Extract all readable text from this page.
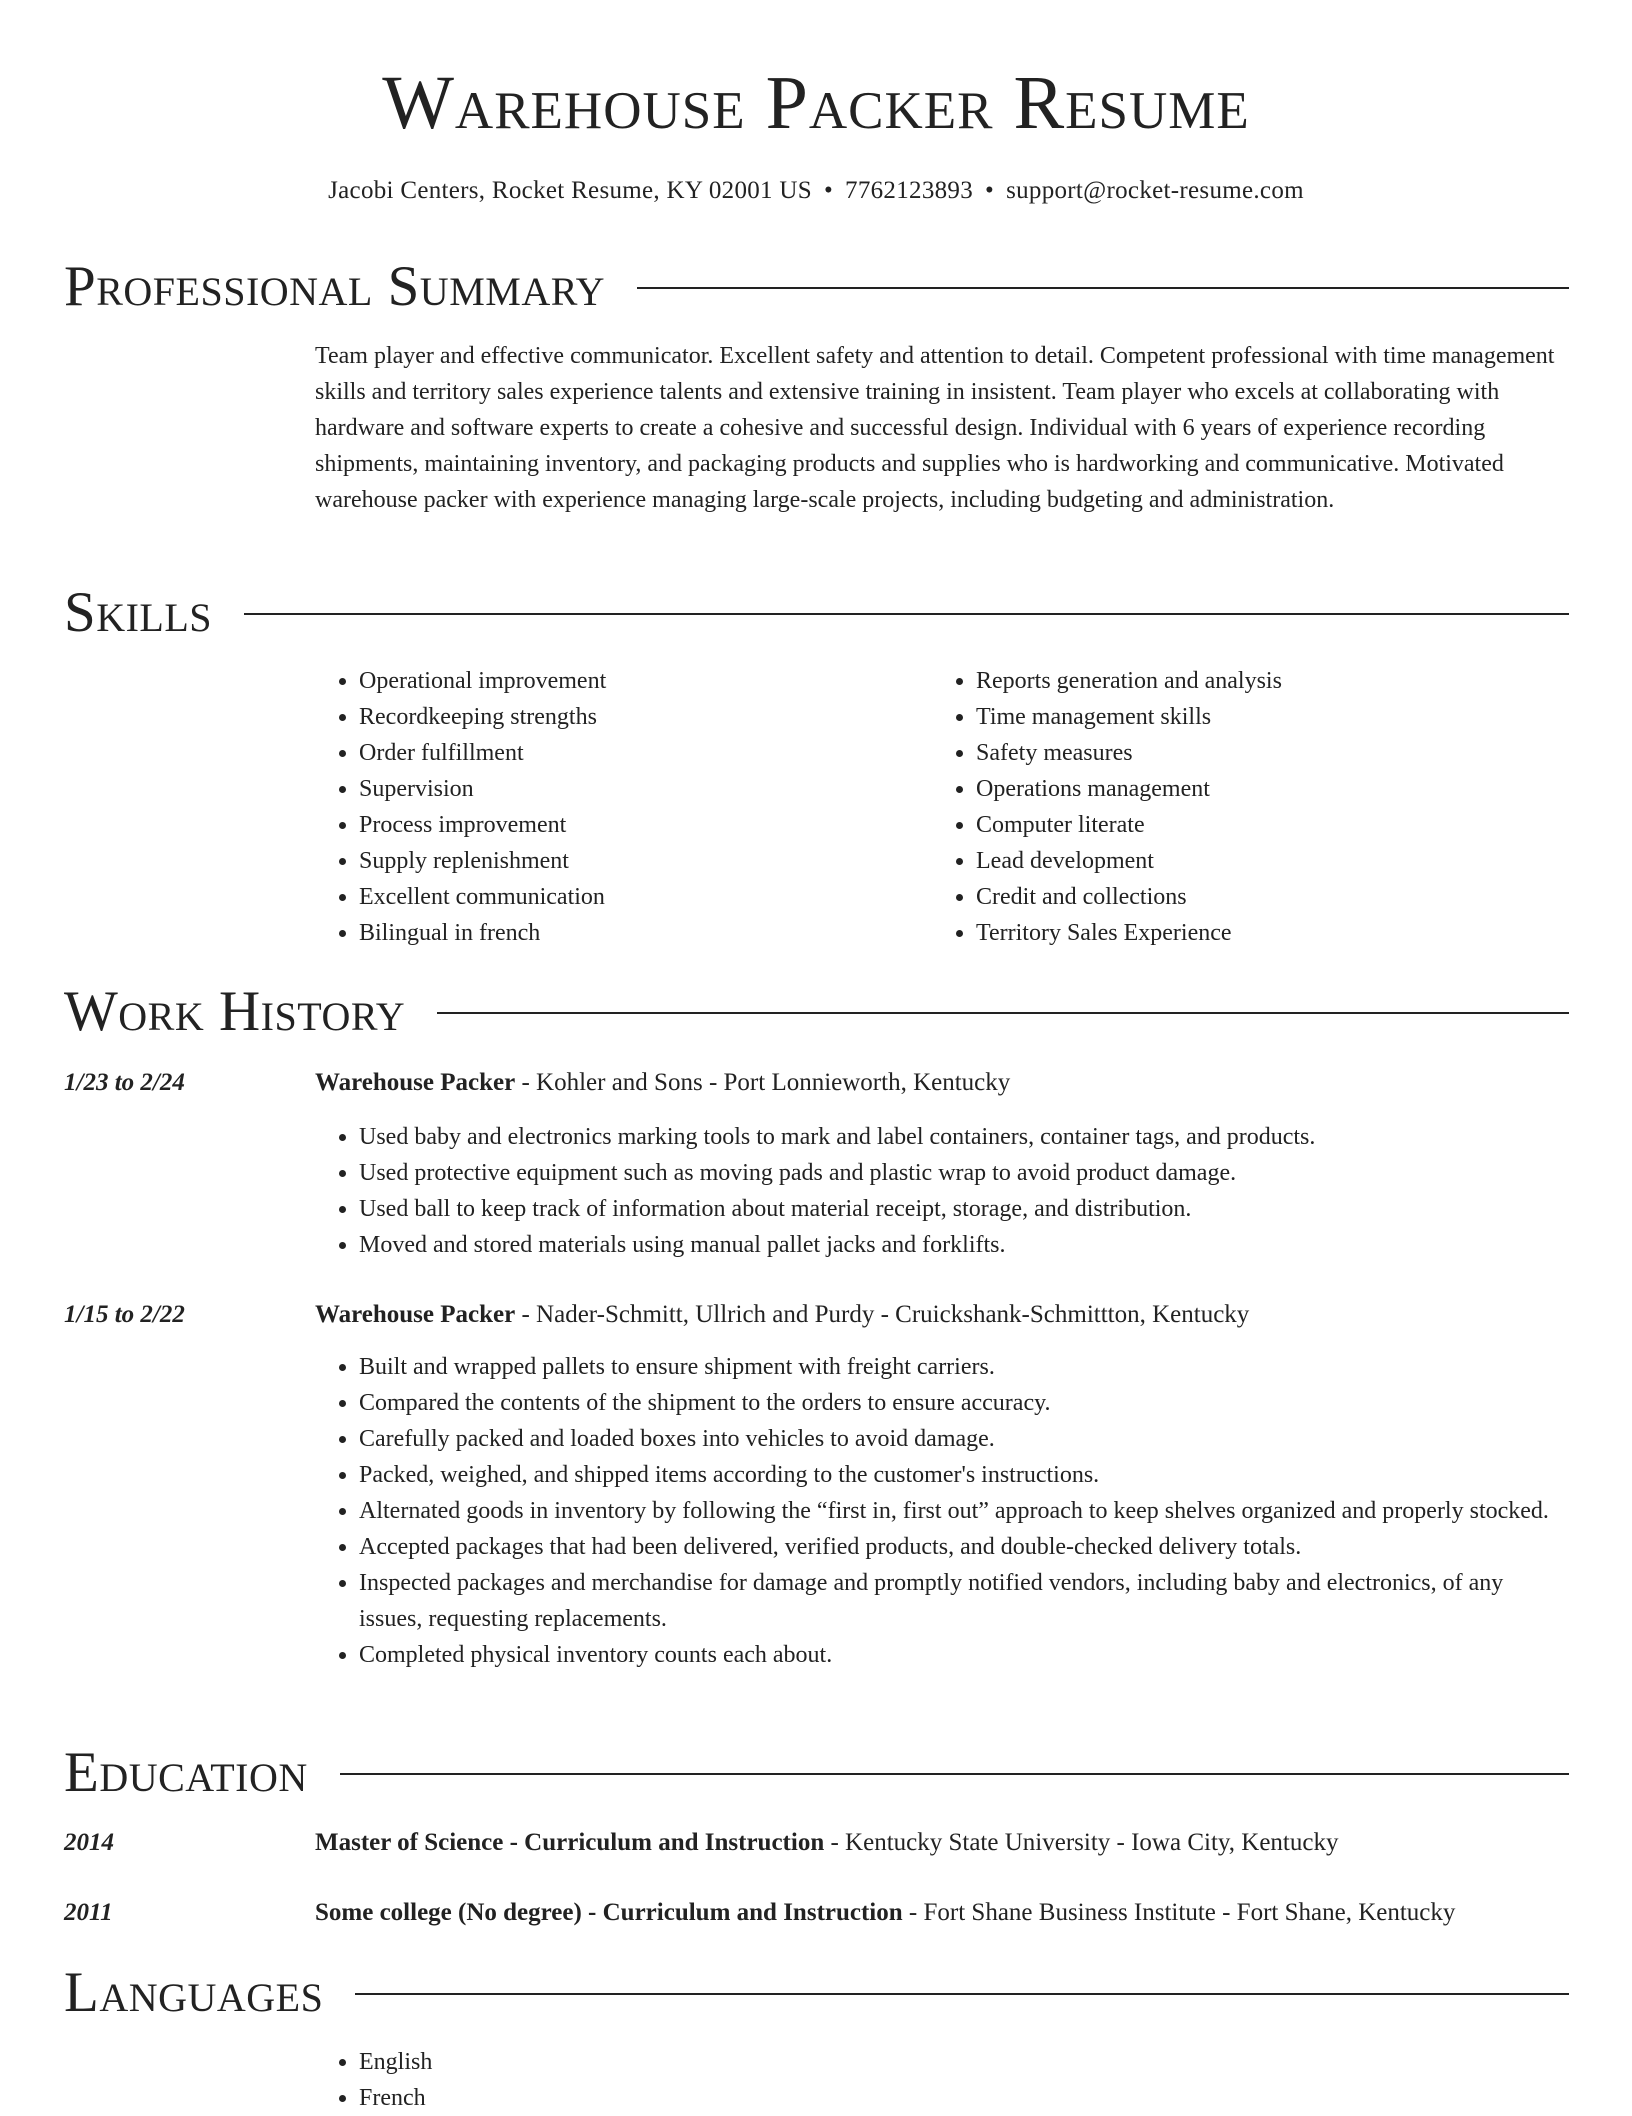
Warehouse Packer Resume
Jacobi Centers, Rocket Resume, KY 02001 US • 7762123893 • support@rocket-resume.com
Professional Summary

Team player and effective communicator. Excellent safety and attention to detail. Competent professional with time management skills and territory sales experience talents and extensive training in insistent. Team player who excels at collaborating with hardware and software experts to create a cohesive and successful design. Individual with 6 years of experience recording shipments, maintaining inventory, and packaging products and supplies who is hardworking and communicative. Motivated warehouse packer with experience managing large-scale projects, including budgeting and administration.

Skills
• Operational improvement
• Recordkeeping strengths
• Order fulfillment
• Supervision
• Process improvement
• Supply replenishment
• Excellent communication
• Bilingual in french
• Reports generation and analysis
• Time management skills
• Safety measures
• Operations management
• Computer literate
• Lead development
• Credit and collections
• Territory Sales Experience
Work History
1/23 to 2/24	Warehouse Packer - Kohler and Sons - Port Lonnieworth, Kentucky
• Used baby and electronics marking tools to mark and label containers, container tags, and products.
• Used protective equipment such as moving pads and plastic wrap to avoid product damage.
• Used ball to keep track of information about material receipt, storage, and distribution.
• Moved and stored materials using manual pallet jacks and forklifts.
1/15 to 2/22	Warehouse Packer - Nader-Schmitt, Ullrich and Purdy - Cruickshank-Schmittton, Kentucky
• Built and wrapped pallets to ensure shipment with freight carriers.
• Compared the contents of the shipment to the orders to ensure accuracy.
• Carefully packed and loaded boxes into vehicles to avoid damage.
• Packed, weighed, and shipped items according to the customer's instructions.
• Alternated goods in inventory by following the “first in, first out” approach to keep shelves organized and properly stocked.
• Accepted packages that had been delivered, verified products, and double-checked delivery totals.
• Inspected packages and merchandise for damage and promptly notified vendors, including baby and electronics, of any issues, requesting replacements.
• Completed physical inventory counts each about.
Education
2014	Master of Science - Curriculum and Instruction - Kentucky State University - Iowa City, Kentucky
2011	Some college (No degree) - Curriculum and Instruction - Fort Shane Business Institute - Fort Shane, Kentucky
Languages
• English
• French
